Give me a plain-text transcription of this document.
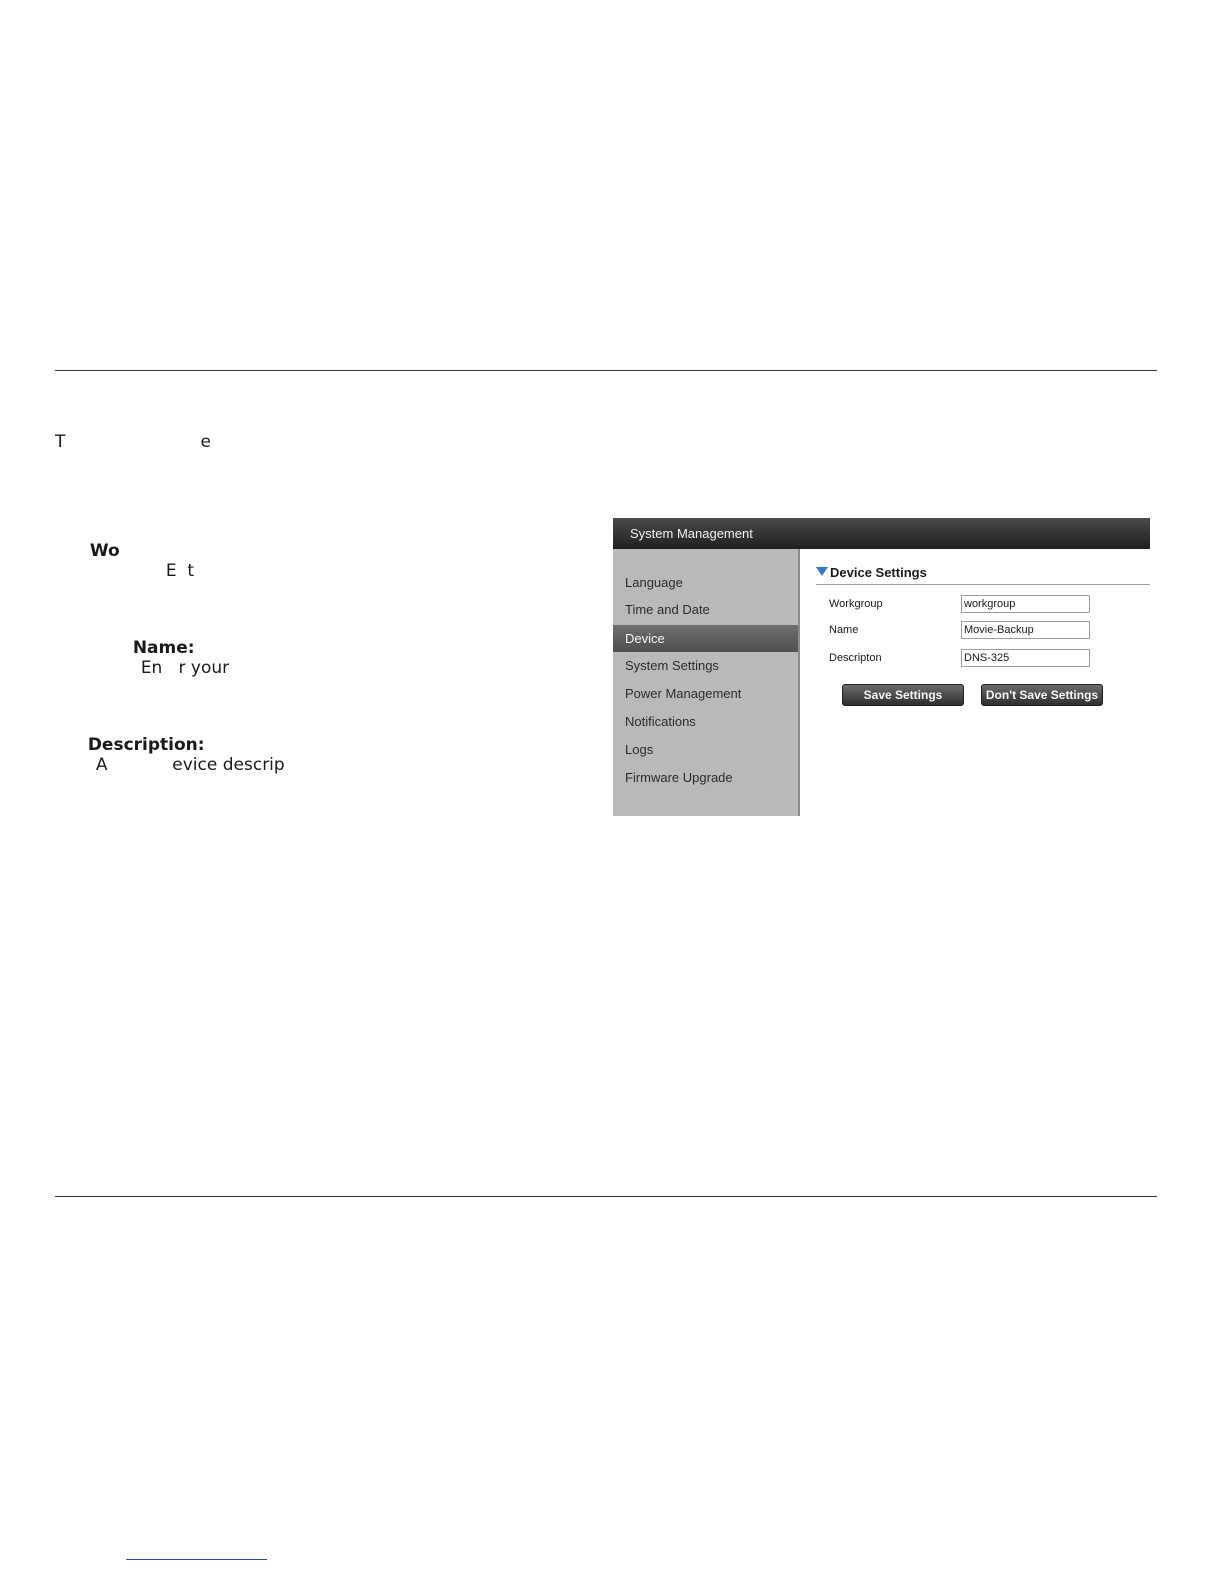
T                         e

Wo
E  t

Name:
En   r your

Description:
A            evice descrip

System Management
Language
Time and Date
Device
System Settings
Power Management
Notifications
Logs
Firmware Upgrade
Device Settings
Workgroup	workgroup
Name	Movie-Backup
Descripton	DNS-325
Save Settings	Don't Save Settings
